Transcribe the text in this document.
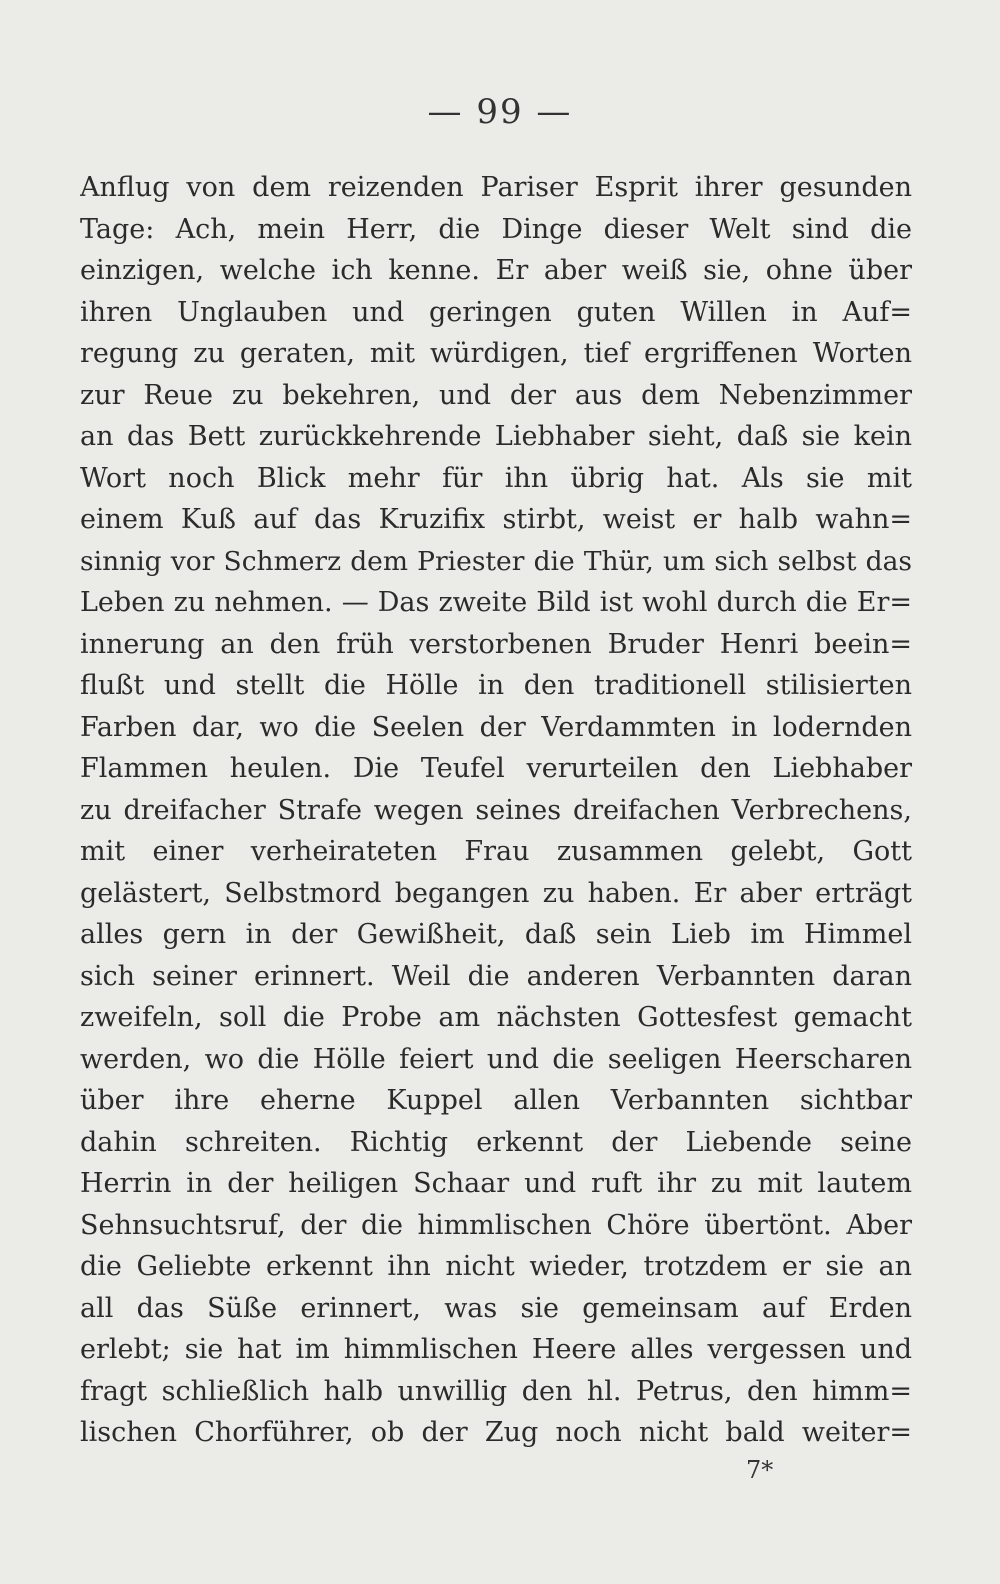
— 99 —
Anflug von dem reizenden Pariser Esprit ihrer gesunden
Tage: Ach, mein Herr, die Dinge dieser Welt sind die
einzigen, welche ich kenne. Er aber weiß sie, ohne über
ihren Unglauben und geringen guten Willen in Auf=
regung zu geraten, mit würdigen, tief ergriffenen Worten
zur Reue zu bekehren, und der aus dem Nebenzimmer
an das Bett zurückkehrende Liebhaber sieht, daß sie kein
Wort noch Blick mehr für ihn übrig hat. Als sie mit
einem Kuß auf das Kruzifix stirbt, weist er halb wahn=
sinnig vor Schmerz dem Priester die Thür, um sich selbst das
Leben zu nehmen. — Das zweite Bild ist wohl durch die Er=
innerung an den früh verstorbenen Bruder Henri beein=
flußt und stellt die Hölle in den traditionell stilisierten
Farben dar, wo die Seelen der Verdammten in lodernden
Flammen heulen. Die Teufel verurteilen den Liebhaber
zu dreifacher Strafe wegen seines dreifachen Verbrechens,
mit einer verheirateten Frau zusammen gelebt, Gott
gelästert, Selbstmord begangen zu haben. Er aber erträgt
alles gern in der Gewißheit, daß sein Lieb im Himmel
sich seiner erinnert. Weil die anderen Verbannten daran
zweifeln, soll die Probe am nächsten Gottesfest gemacht
werden, wo die Hölle feiert und die seeligen Heerscharen
über ihre eherne Kuppel allen Verbannten sichtbar
dahin schreiten. Richtig erkennt der Liebende seine
Herrin in der heiligen Schaar und ruft ihr zu mit lautem
Sehnsuchtsruf, der die himmlischen Chöre übertönt. Aber
die Geliebte erkennt ihn nicht wieder, trotzdem er sie an
all das Süße erinnert, was sie gemeinsam auf Erden
erlebt; sie hat im himmlischen Heere alles vergessen und
fragt schließlich halb unwillig den hl. Petrus, den himm=
lischen Chorführer, ob der Zug noch nicht bald weiter=
7*
